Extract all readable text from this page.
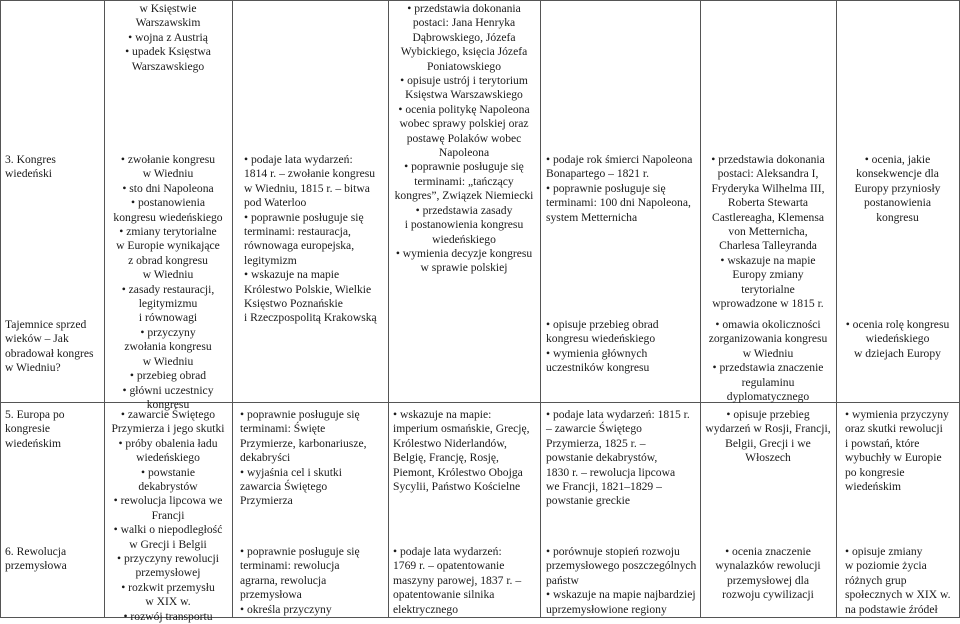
w Księstwie
Warszawskim
• wojna z Austrią
• upadek Księstwa
Warszawskiego
• przedstawia dokonania
postaci: Jana Henryka
Dąbrowskiego, Józefa
Wybickiego, księcia Józefa
Poniatowskiego
• opisuje ustrój i terytorium
Księstwa Warszawskiego
• ocenia politykę Napoleona
wobec sprawy polskiej oraz
postawę Polaków wobec
Napoleona
• poprawnie posługuje się
terminami: „tańczący
kongres”, Związek Niemiecki
• przedstawia zasady
i postanowienia kongresu
wiedeńskiego
• wymienia decyzje kongresu
w sprawie polskiej
3. Kongres
wiedeński
Tajemnice sprzed
wieków – Jak
obradował kongres
w Wiedniu?
• zwołanie kongresu
w Wiedniu
• sto dni Napoleona
• postanowienia
kongresu wiedeńskiego
• zmiany terytorialne
w Europie wynikające
z obrad kongresu
w Wiedniu
• zasady restauracji,
legitymizmu
i równowagi
• przyczyny
zwołania kongresu
w Wiedniu
• przebieg obrad
• główni uczestnicy
kongresu
• podaje lata wydarzeń:
1814 r. – zwołanie kongresu
w Wiedniu, 1815 r. – bitwa
pod Waterloo
• poprawnie posługuje się
terminami: restauracja,
równowaga europejska,
legitymizm
• wskazuje na mapie
Królestwo Polskie, Wielkie
Księstwo Poznańskie
i Rzeczpospolitą Krakowską
• podaje rok śmierci Napoleona
Bonapartego – 1821 r.
• poprawnie posługuje się
terminami: 100 dni Napoleona,
system Metternicha
• opisuje przebieg obrad
kongresu wiedeńskiego
• wymienia głównych
uczestników kongresu
• przedstawia dokonania
postaci: Aleksandra I,
Fryderyka Wilhelma III,
Roberta Stewarta
Castlereagha, Klemensa
von Metternicha,
Charlesa Talleyranda
• wskazuje na mapie
Europy zmiany
terytorialne
wprowadzone w 1815 r.
• omawia okoliczności
zorganizowania kongresu
w Wiedniu
• przedstawia znaczenie
regulaminu
dyplomatycznego
• ocenia, jakie
konsekwencje dla
Europy przyniosły
postanowienia
kongresu
• ocenia rolę kongresu
wiedeńskiego
w dziejach Europy
5. Europa po
kongresie
wiedeńskim
6. Rewolucja
przemysłowa
• zawarcie Świętego
Przymierza i jego skutki
• próby obalenia ładu
wiedeńskiego
• powstanie
dekabrystów
• rewolucja lipcowa we
Francji
• walki o niepodległość
w Grecji i Belgii
• przyczyny rewolucji
przemysłowej
• rozkwit przemysłu
w XIX w.
• rozwój transportu
• poprawnie posługuje się
terminami: Święte
Przymierze, karbonariusze,
dekabryści
• wyjaśnia cel i skutki
zawarcia Świętego
Przymierza
• poprawnie posługuje się
terminami: rewolucja
agrarna, rewolucja
przemysłowa
• określa przyczyny
• wskazuje na mapie:
imperium osmańskie, Grecję,
Królestwo Niderlandów,
Belgię, Francję, Rosję,
Piemont, Królestwo Obojga
Sycylii, Państwo Kościelne
• podaje lata wydarzeń:
1769 r. – opatentowanie
maszyny parowej, 1837 r. –
opatentowanie silnika
elektrycznego
• podaje lata wydarzeń: 1815 r.
– zawarcie Świętego
Przymierza, 1825 r. –
powstanie dekabrystów,
1830 r. – rewolucja lipcowa
we Francji, 1821–1829 –
powstanie greckie
• porównuje stopień rozwoju
przemysłowego poszczególnych
państw
• wskazuje na mapie najbardziej
uprzemysłowione regiony
• opisuje przebieg
wydarzeń w Rosji, Francji,
Belgii, Grecji i we
Włoszech
• ocenia znaczenie
wynalazków rewolucji
przemysłowej dla
rozwoju cywilizacji
• wymienia przyczyny
oraz skutki rewolucji
i powstań, które
wybuchły w Europie
po kongresie
wiedeńskim
• opisuje zmiany
w poziomie życia
różnych grup
społecznych w XIX w.
na podstawie źródeł
